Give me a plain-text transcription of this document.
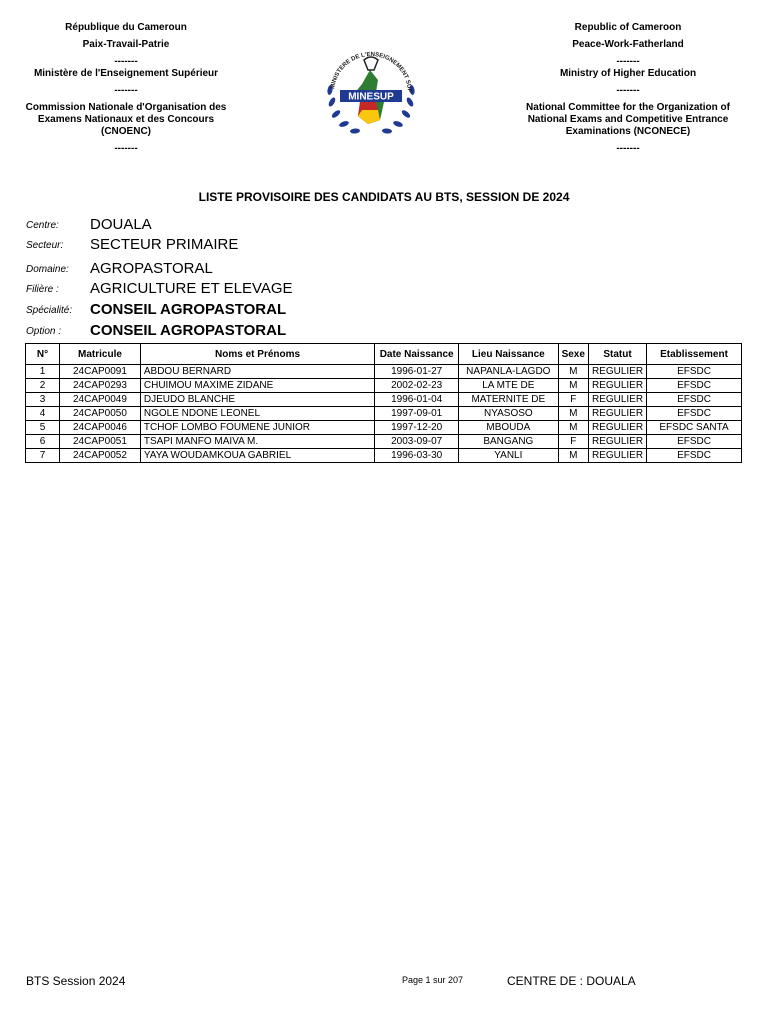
République du Cameroun
Paix-Travail-Patrie
-------
Ministère de l'Enseignement Supérieur
-------
Commission Nationale d'Organisation des
Examens Nationaux et des Concours
(CNOENC)
-------
MINISTERE DE L'ENSEIGNEMENT SUP
MINESUP
Republic of Cameroon
Peace-Work-Fatherland
-------
Ministry of Higher Education
-------
National Committee for the Organization of
National Exams and Competitive Entrance
Examinations (NCONECE)
-------
LISTE PROVISOIRE DES CANDIDATS AU BTS, SESSION DE 2024
Centre:	DOUALA
Secteur:	SECTEUR PRIMAIRE
Domaine:	AGROPASTORAL
Filière :	AGRICULTURE ET ELEVAGE
Spécialité:	CONSEIL AGROPASTORAL
Option :	CONSEIL AGROPASTORAL
N°	Matricule	Noms et Prénoms	Date Naissance	Lieu Naissance	Sexe	Statut	Etablissement
1	24CAP0091	ABDOU BERNARD	1996-01-27	NAPANLA-LAGDO	M	REGULIER	EFSDC
2	24CAP0293	CHUIMOU MAXIME ZIDANE	2002-02-23	LA MTE DE	M	REGULIER	EFSDC
3	24CAP0049	DJEUDO BLANCHE	1996-01-04	MATERNITE DE	F	REGULIER	EFSDC
4	24CAP0050	NGOLE NDONE LEONEL	1997-09-01	NYASOSO	M	REGULIER	EFSDC
5	24CAP0046	TCHOF LOMBO FOUMENE JUNIOR	1997-12-20	MBOUDA	M	REGULIER	EFSDC SANTA
6	24CAP0051	TSAPI MANFO MAIVA M.	2003-09-07	BANGANG	F	REGULIER	EFSDC
7	24CAP0052	YAYA WOUDAMKOUA GABRIEL	1996-03-30	YANLI	M	REGULIER	EFSDC
BTS Session 2024	Page 1 sur 207	CENTRE DE : DOUALA
